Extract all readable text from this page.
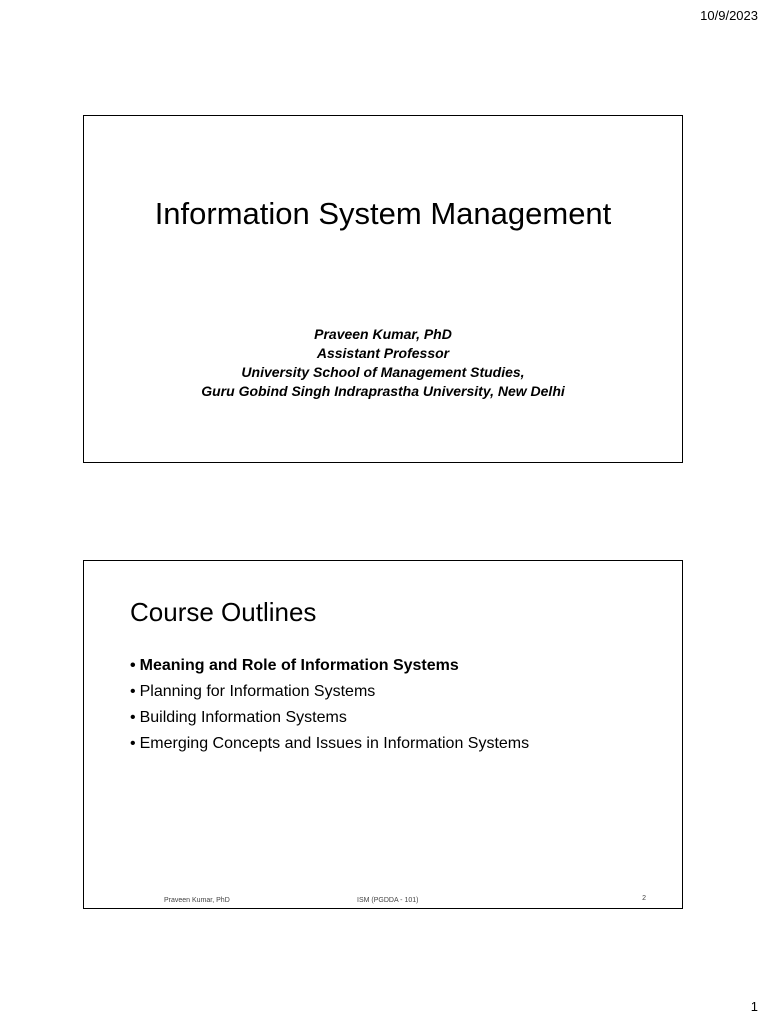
10/9/2023
Information System Management
Praveen Kumar, PhD
Assistant Professor
University School of Management Studies,
Guru Gobind Singh Indraprastha University, New Delhi
Course Outlines
• Meaning and Role of Information Systems
• Planning for Information Systems
• Building Information Systems
• Emerging Concepts and Issues in Information Systems
Praveen Kumar, PhD	ISM (PGDDA - 101)	2
1
